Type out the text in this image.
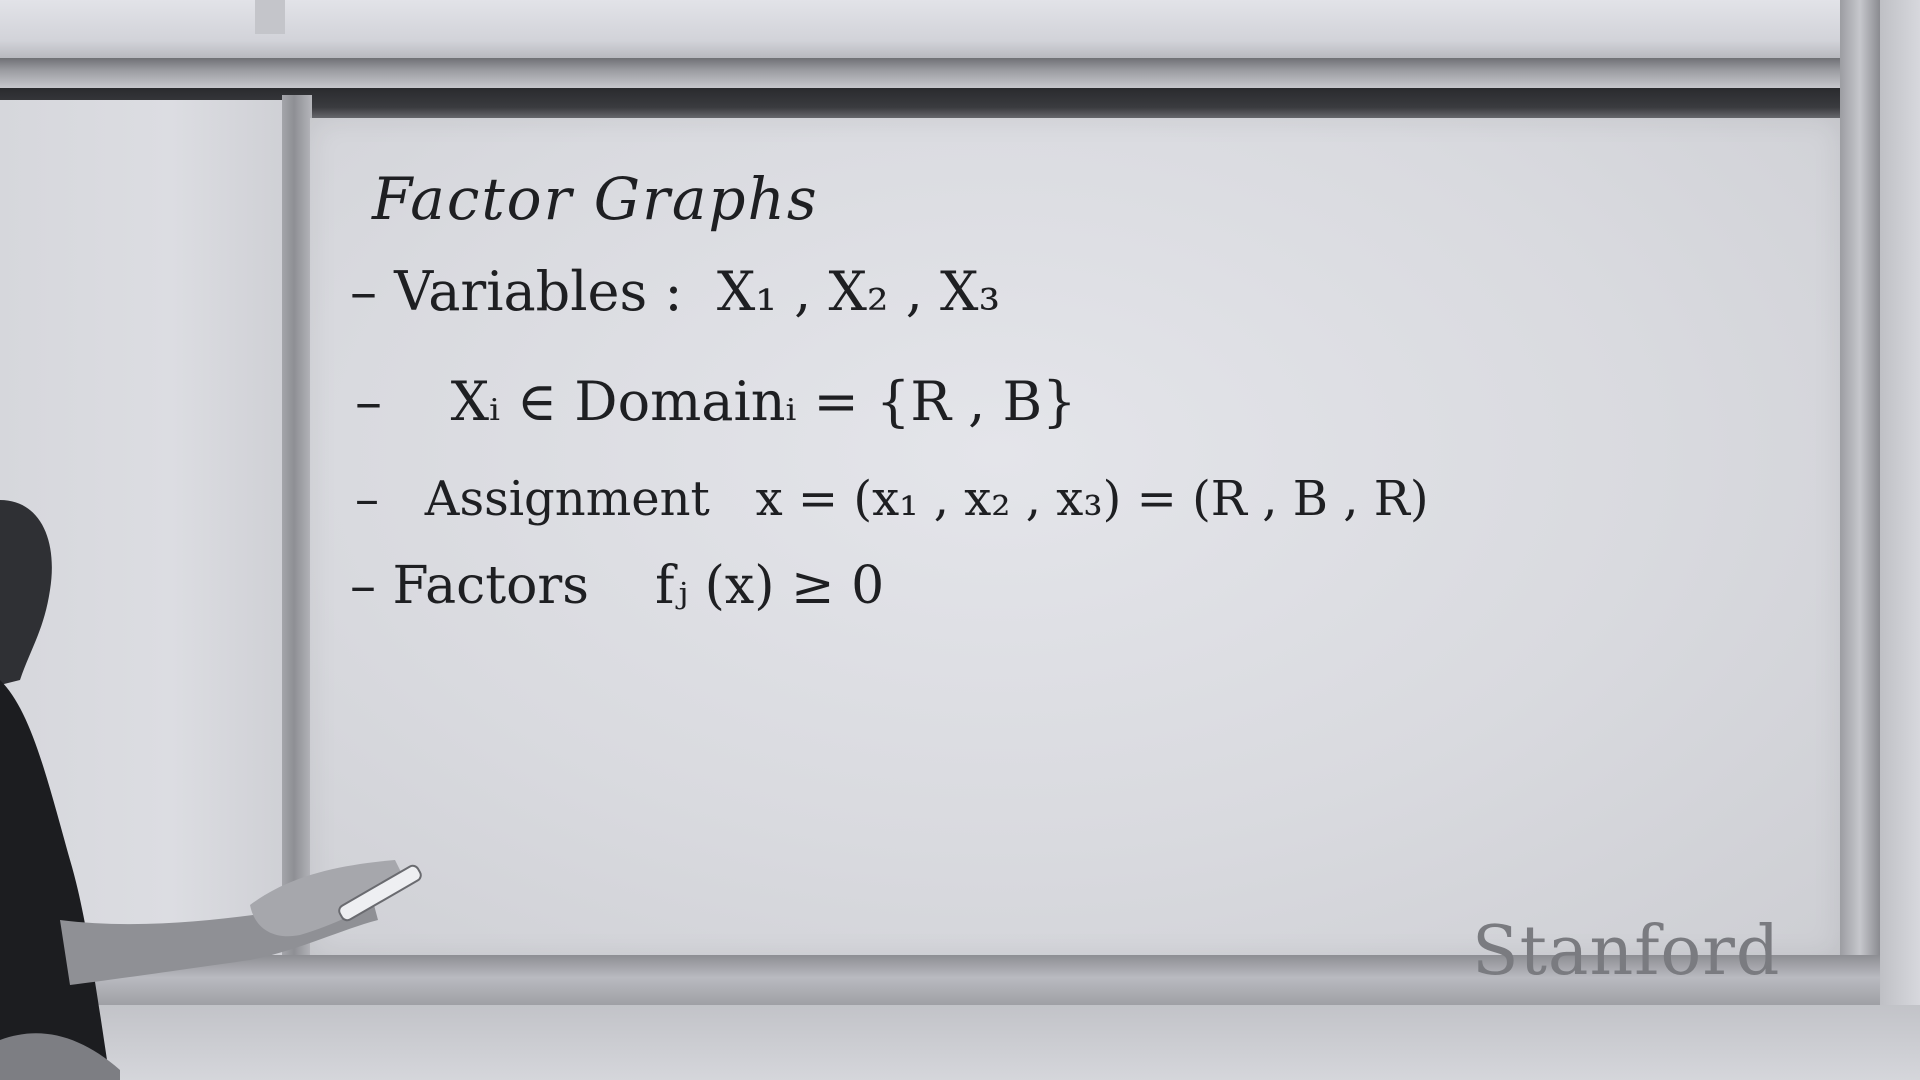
Factor Graphs
– Variables :  X₁ , X₂ , X₃
–    Xᵢ ∈ Domainᵢ = {R , B}
–   Assignment   x = (x₁ , x₂ , x₃) = (R , B , R)
– Factors    fⱼ (x) ≥ 0
Stanford
